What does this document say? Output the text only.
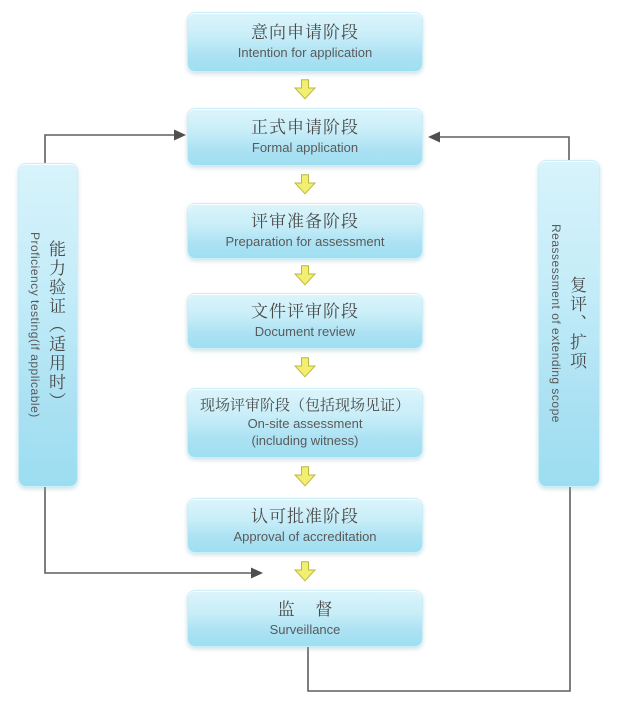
意向申请阶段
Intention for application
正式申请阶段
Formal application
评审准备阶段
Preparation for assessment
文件评审阶段
Document review
现场评审阶段（包括现场见证）
On-site assessment
(including witness)
认可批准阶段
Approval of accreditation
监 督
Surveillance
Proficiency testing(if applicable) 能力验证（适用时）	Reassessment of extending scope 复评、扩项
